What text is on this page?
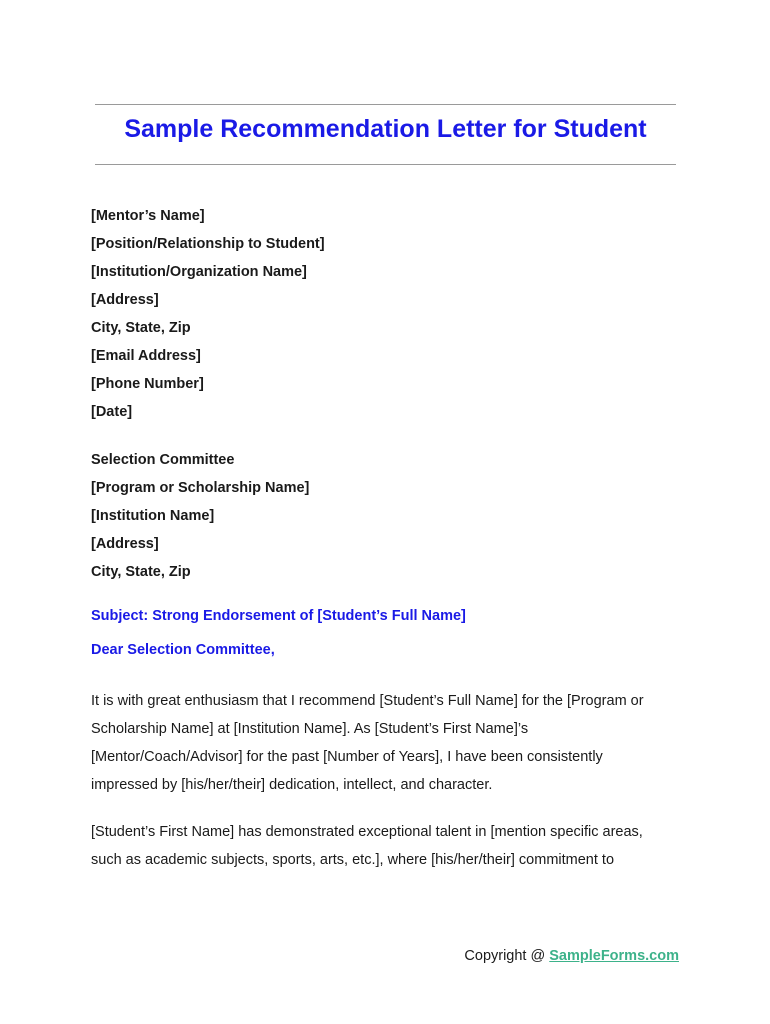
Sample Recommendation Letter for Student
[Mentor’s Name]
[Position/Relationship to Student]
[Institution/Organization Name]
[Address]
City, State, Zip
[Email Address]
[Phone Number]
[Date]
Selection Committee
[Program or Scholarship Name]
[Institution Name]
[Address]
City, State, Zip
Subject: Strong Endorsement of [Student’s Full Name]
Dear Selection Committee,
It is with great enthusiasm that I recommend [Student’s Full Name] for the [Program or
Scholarship Name] at [Institution Name]. As [Student’s First Name]’s
[Mentor/Coach/Advisor] for the past [Number of Years], I have been consistently
impressed by [his/her/their] dedication, intellect, and character.
[Student’s First Name] has demonstrated exceptional talent in [mention specific areas,
such as academic subjects, sports, arts, etc.], where [his/her/their] commitment to
Copyright @ SampleForms.com
